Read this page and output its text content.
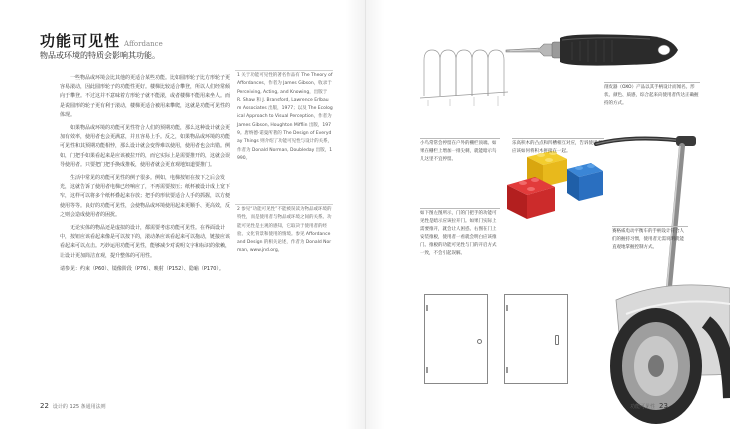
功能可见性 Affordance
物品或环境的特质会影响其功能。

一些物品或环境会比其他的更适合某些功能。比如圆形轮子比方形轮子更容易滚动，因此圆形轮子的功能性更好。楼梯比较适合攀登，所以人们经常倾向于攀登。不过这并不意味着方形轮子就不能滚，或者楼梯不能用来坐人。而是说圆形的轮子更有利于滚动，楼梯更适合被用来攀爬，这就是功能可见性的体现。

如果物品或环境的功能可见性符合人们的预期功能，那么这种设计就会更加有效率，使用者也会更满意，并且容易上手。反之，如果物品或环境的功能可见性和其预期功能相悖，那么设计就会变得难以使用，使用者也会出错。例如，门把手如果看起来是应该被拉开的，而它实际上是需要推开的，这就会误导使用者。只要把门把手换成推板，使用者就会更直观地知道要推门。

生活中常见的功能可见性的例子很多。例如，电梯按钮在按下之后会发光，这就告诉了使用者电梯已经响应了，不再需要按压；纸杯被设计成上宽下窄，这样可以将多个纸杯叠起来存放；把手的形状要适合人手的抓握，以方便使用等等。良好的功能可见性，会使物品或环境使用起来更顺手、更高效，反之则会造成使用者的困扰。

无论实体的物品还是虚拟的设计，都需要考虑功能可见性。在界面设计中，按钮应该看起来像是可以按下的，滚动条应该看起来可以拖动，链接应该看起来可以点击。巧妙运用功能可见性，能够减少对说明文字和标识的依赖，让设计更加简洁直观，提升整体的可用性。

请参见：约束（P60）、镜像阶段（P76）、映射（P152）、隐喻（P170）。
1 关于功能可见性的著名作品有 The Theory of Affordances，作者为 James Gibson，收录于 Perceiving, Acting, and Knowing，出版于 R. Shaw 和 J. Bransford, Lawrence Erlbaum Associates 出版，1977；以及 The Ecological Approach to Visual Perception，作者为 James Gibson, Houghton Mifflin 出版，1979。唐纳德·诺曼所著的 The Design of Everyday Things 则介绍了功能可见性与设计的关系，作者为 Donald Norman, Doubleday 出版，1990。
2 参见“功能可见性”不能被误读为物品或环境的特性，而是使用者与物品或环境之间的关系。功能可见性是主观的感知，它取决于使用者的经验、文化背景和使用的情境。参见 Affordance and Design 的相关论述，作者为 Donald Norman, www.jnd.org。
22 设计的 125 条通用法则
削皮器（OXO）产品以其手柄设计而闻名。形状、颜色、质感，综合起来向使用者传达正确握持的方式。
小鸟常常会停留在户外的栅栏顶端。如果在栅栏上增加一排尖刺，就能暗示鸟儿这里不宜停留。
乐高积木的凸点和凹槽相互对应，告诉使用者应该如何将积木拼接在一起。
如下图左图所示，门的门把手的功能可见性是暗示应该拉开门。如果门实际上需要推开，就会让人困惑。右图在门上安装推板，使用者一看就会明白应该推门。推板的功能可见性与门的开启方式一致，不会引起误解。
赛格威电动平衡车的手柄设计符合人们的握持习惯，使用者无需说明就能直观地掌握控制方式。
功能可见性 23
